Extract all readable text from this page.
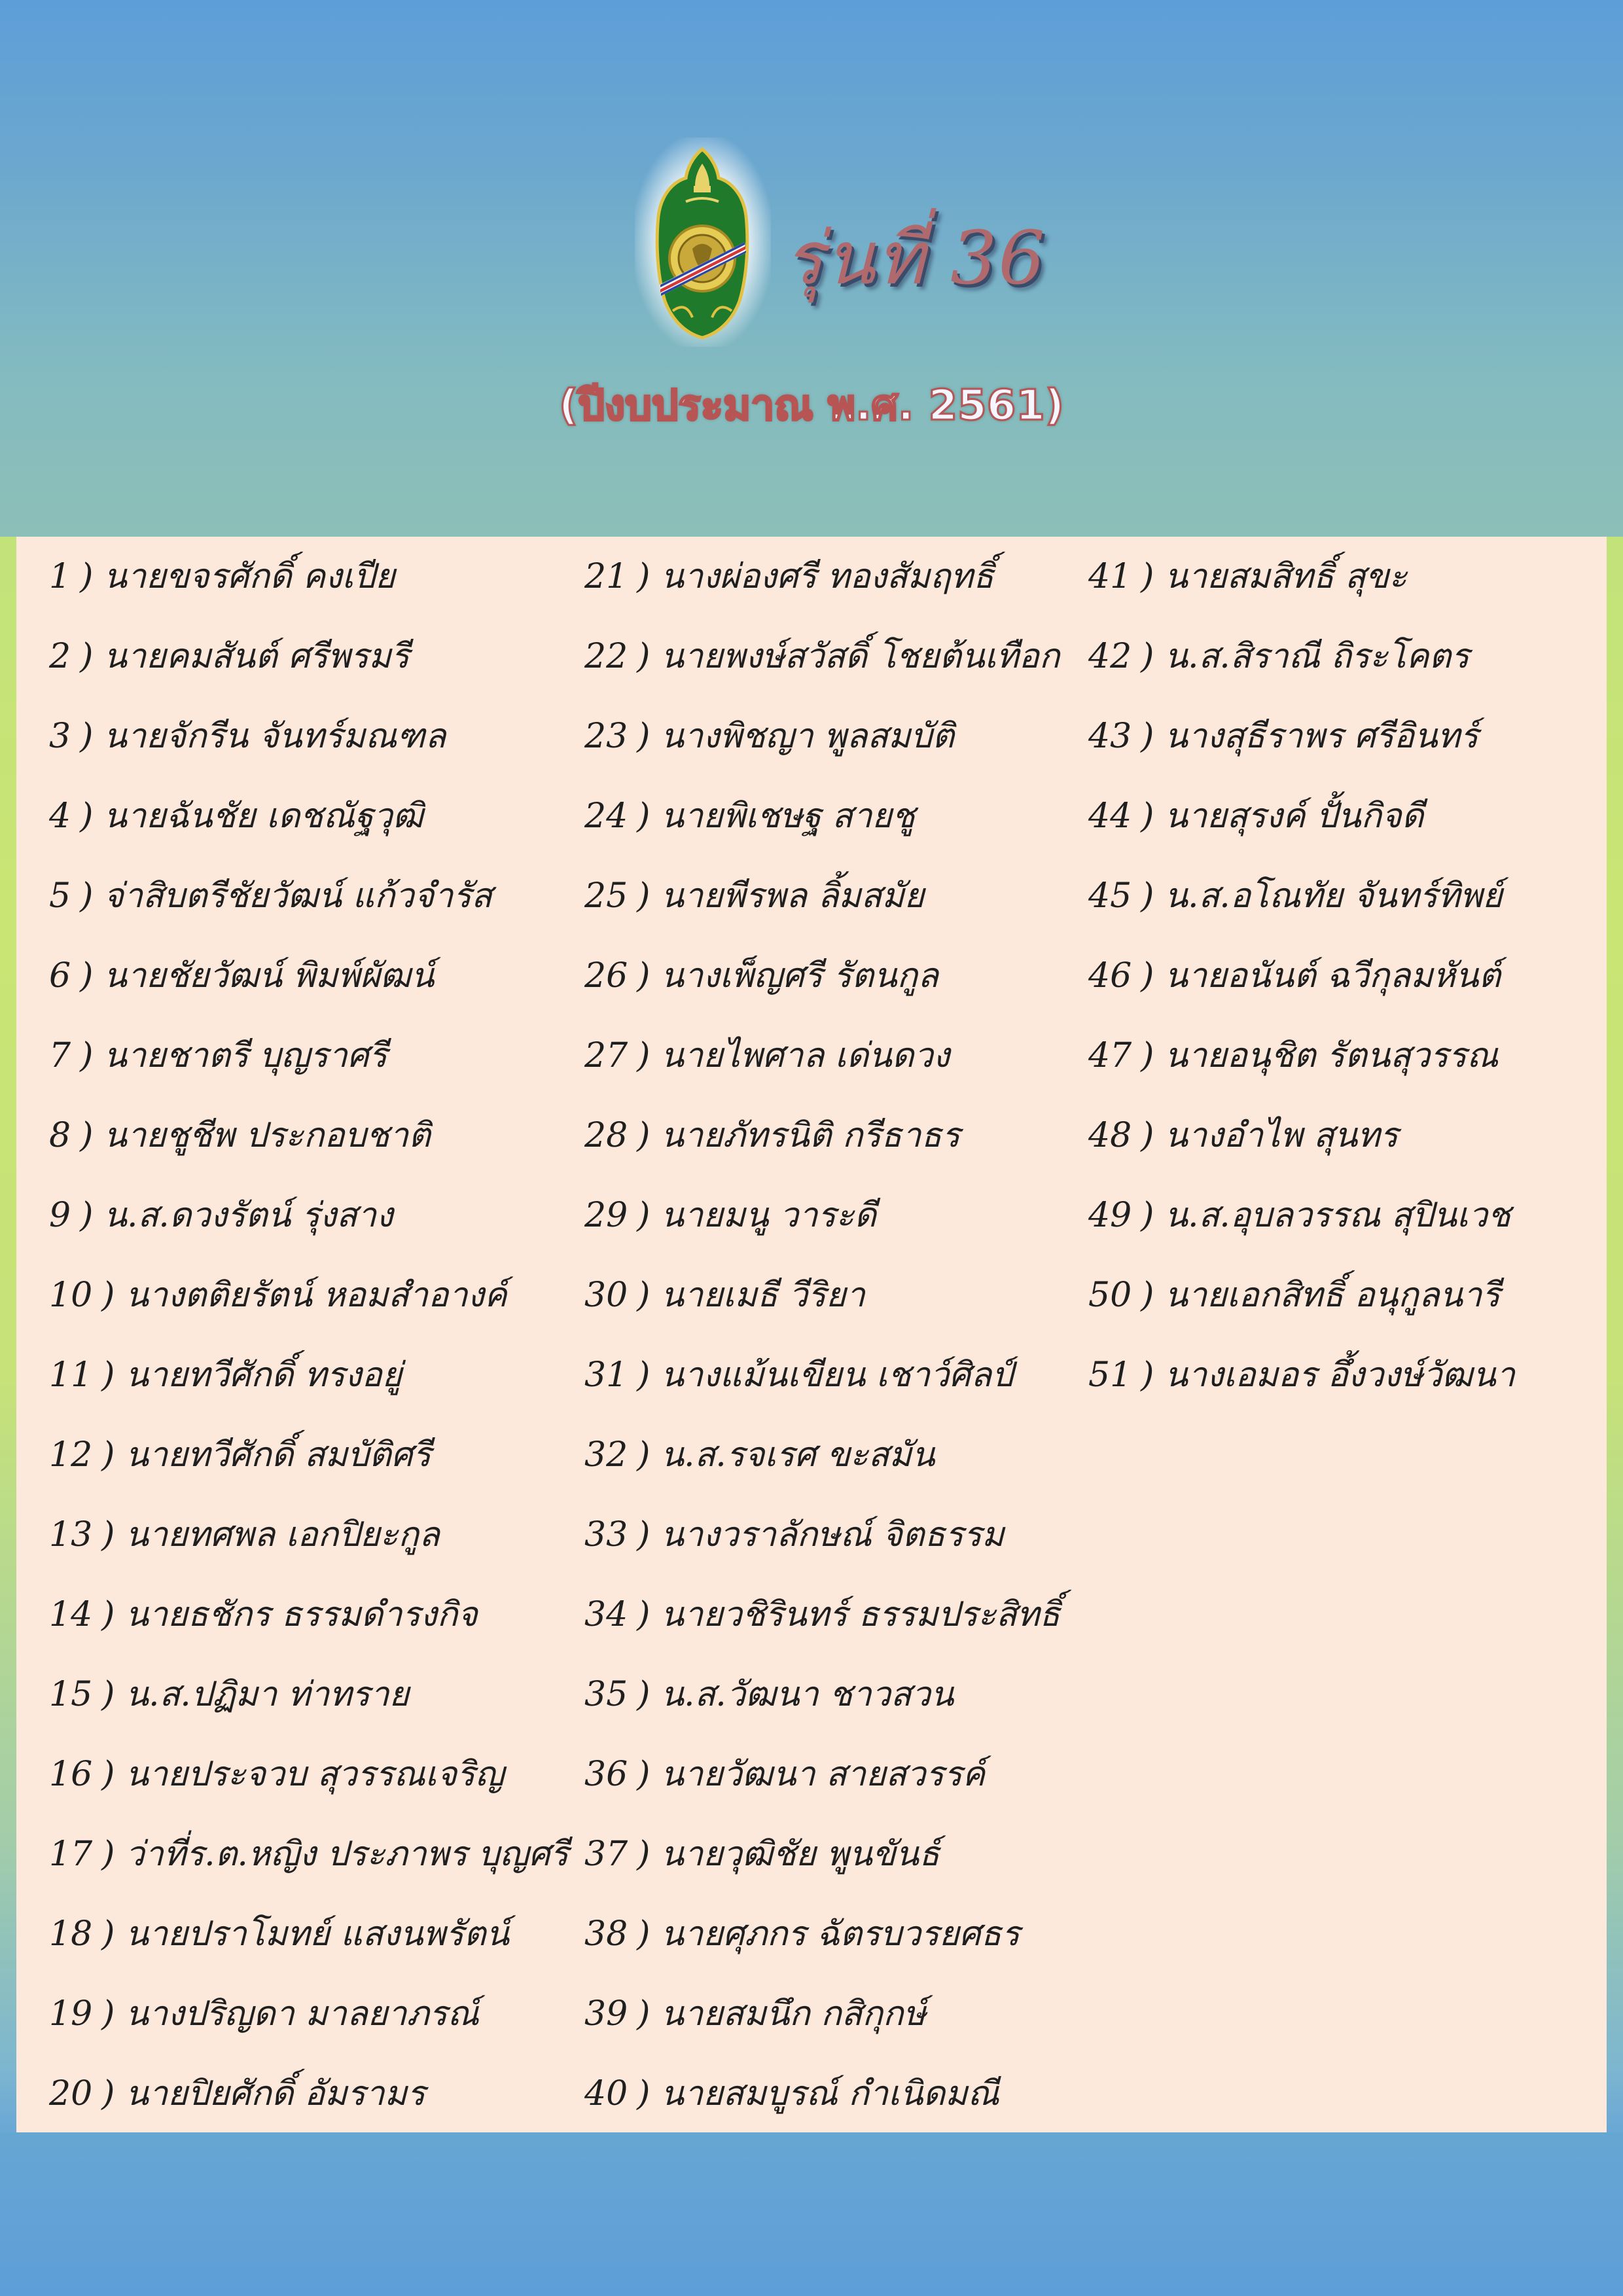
รุ่นที่ 36
(ปีงบประมาณ พ.ศ. 2561)
1 ) นายขจรศักดิ์ คงเปีย
2 ) นายคมสันต์ ศรีพรมรี
3 ) นายจักรีน จันทร์มณฑล
4 ) นายฉันชัย เดชณัฐวุฒิ
5 ) จ่าสิบตรีชัยวัฒน์ แก้วจำรัส
6 ) นายชัยวัฒน์ พิมพ์ผัฒน์
7 ) นายชาตรี บุญราศรี
8 ) นายชูชีพ ประกอบชาติ
9 ) น.ส.ดวงรัตน์ รุ่งสาง
10 ) นางตติยรัตน์ หอมสำอางค์
11 ) นายทวีศักดิ์ ทรงอยู่
12 ) นายทวีศักดิ์ สมบัติศรี
13 ) นายทศพล เอกปิยะกูล
14 ) นายธชักร ธรรมดำรงกิจ
15 ) น.ส.ปฏิมา ท่าทราย
16 ) นายประจวบ สุวรรณเจริญ
17 ) ว่าที่ร.ต.หญิง ประภาพร บุญศรี
18 ) นายปราโมทย์ แสงนพรัตน์
19 ) นางปริญดา มาลยาภรณ์
20 ) นายปิยศักดิ์ อัมรามร
21 ) นางผ่องศรี ทองสัมฤทธิ์
22 ) นายพงษ์สวัสดิ์ โชยต้นเทือก
23 ) นางพิชญา พูลสมบัติ
24 ) นายพิเชษฐ สายชู
25 ) นายพีรพล ลิ้มสมัย
26 ) นางเพ็ญศรี รัตนกูล
27 ) นายไพศาล เด่นดวง
28 ) นายภัทรนิติ กรีธาธร
29 ) นายมนู วาระดี
30 ) นายเมธี วีริยา
31 ) นางแม้นเขียน เชาว์ศิลป์
32 ) น.ส.รจเรศ ขะสมัน
33 ) นางวราลักษณ์ จิตธรรม
34 ) นายวชิรินทร์ ธรรมประสิทธิ์
35 ) น.ส.วัฒนา ชาวสวน
36 ) นายวัฒนา สายสวรรค์
37 ) นายวุฒิชัย พูนขันธ์
38 ) นายศุภกร ฉัตรบวรยศธร
39 ) นายสมนึก กสิกุกษ์
40 ) นายสมบูรณ์ กำเนิดมณี
41 ) นายสมสิทธิ์ สุขะ
42 ) น.ส.สิราณี ถิระโคตร
43 ) นางสุธีราพร ศรีอินทร์
44 ) นายสุรงค์ ปั้นกิจดี
45 ) น.ส.อโณทัย จันทร์ทิพย์
46 ) นายอนันต์ ฉวีกุลมหันต์
47 ) นายอนุชิต รัตนสุวรรณ
48 ) นางอำไพ สุนทร
49 ) น.ส.อุบลวรรณ สุปินเวช
50 ) นายเอกสิทธิ์ อนุกูลนารี
51 ) นางเอมอร อึ้งวงษ์วัฒนา
